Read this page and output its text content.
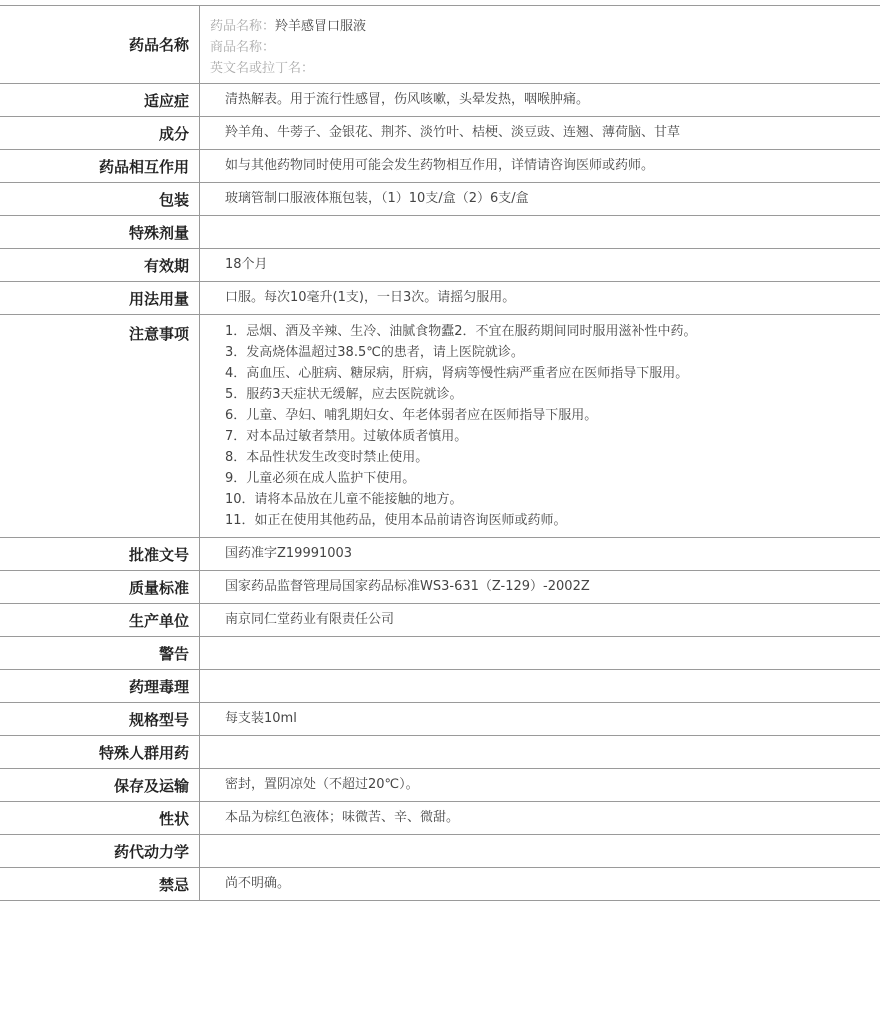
药品名称
药品名称：羚羊感冒口服液
商品名称：
英文名或拉丁名：
适应症	清热解表。用于流行性感冒，伤风咳嗽，头晕发热，咽喉肿痛。
成分	羚羊角、牛蒡子、金银花、荆芥、淡竹叶、桔梗、淡豆豉、连翘、薄荷脑、甘草
药品相互作用	如与其他药物同时使用可能会发生药物相互作用，详情请咨询医师或药师。
包装	玻璃管制口服液体瓶包装，（1）10支/盒（2）6支/盒
特殊剂量
有效期	18个月
用法用量	口服。每次10毫升(1支)，一日3次。请摇匀服用。
注意事项	1．忌烟、酒及辛辣、生冷、油腻食物蠹2．不宜在服药期间同时服用滋补性中药。
3．发高烧体温超过38.5℃的患者，请上医院就诊。
4．高血压、心脏病、糖尿病，肝病，肾病等慢性病严重者应在医师指导下服用。
5．服药3天症状无缓解，应去医院就诊。
6．儿童、孕妇、哺乳期妇女、年老体弱者应在医师指导下服用。
7．对本品过敏者禁用。过敏体质者慎用。
8．本品性状发生改变时禁止使用。
9．儿童必须在成人监护下使用。
10．请将本品放在儿童不能接触的地方。
11．如正在使用其他药品，使用本品前请咨询医师或药师。
批准文号	国药准字Z19991003
质量标准	国家药品监督管理局国家药品标准WS3-631（Z-129）-2002Z
生产单位	南京同仁堂药业有限责任公司
警告
药理毒理
规格型号	每支装10ml
特殊人群用药
保存及运输	密封，置阴凉处（不超过20℃）。
性状	本品为棕红色液体；味微苦、辛、微甜。
药代动力学
禁忌	尚不明确。
